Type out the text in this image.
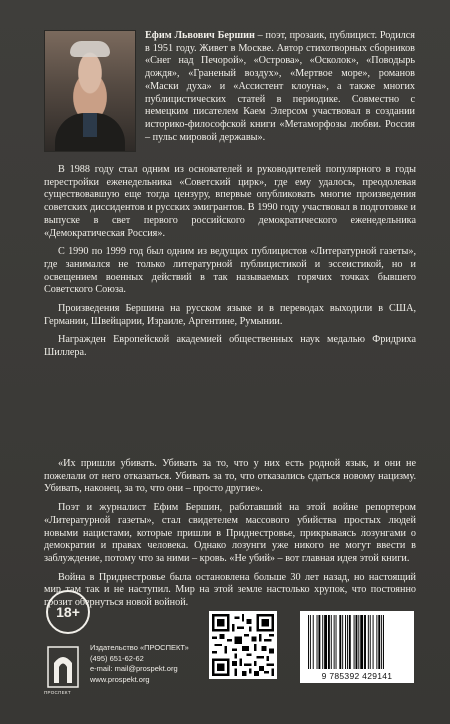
Ефим Львович Бершин – поэт, прозаик, публицист. Родился в 1951 году. Живет в Москве. Автор стихотворных сборников «Снег над Печорой», «Острова», «Осколок», «Поводырь дождя», «Граненый воздух», «Мертвое море», романов «Маски духа» и «Ассистент клоуна», а также многих публицистических статей в периодике. Совместно с немецким писателем Каем Элерсом участвовал в создании историко-философской книги «Метаморфозы любви. Россия – пульс мировой державы».

В 1988 году стал одним из основателей и руководителей популярного в годы перестройки еженедельника «Советский цирк», где ему удалось, преодолевая существовавшую еще тогда цензуру, впервые опубликовать многие произведения советских диссидентов и русских эмигрантов. В 1990 году участвовал в подготовке и выпуске в свет первого российского демократического еженедельника «Демократическая Россия».

С 1990 по 1999 год был одним из ведущих публицистов «Литературной газеты», где занимался не только литературной публицистикой и эссеистикой, но и освещением военных действий в так называемых горячих точках бывшего Советского Союза.

Произведения Бершина на русском языке и в переводах выходили в США, Германии, Швейцарии, Израиле, Аргентине, Румынии.

Награжден Европейской академией общественных наук медалью Фридриха Шиллера.

«Их пришли убивать. Убивать за то, что у них есть родной язык, и они не пожелали от него отказаться. Убивать за то, что отказались сдаться новому нацизму. Убивать, наконец, за то, что они – просто другие».

Поэт и журналист Ефим Бершин, работавший на этой войне репортером «Литературной газеты», стал свидетелем массового убийства простых людей новыми нацистами, которые пришли в Приднестровье, прикрываясь лозунгами о демократии и правах человека. Однако лозунги уже никого не могут ввести в заблуждение, потому что за ними – кровь. «Не убий» – вот главная идея этой книги.

Война в Приднестровье была остановлена больше 30 лет назад, но настоящий мир там так и не наступил. Мир на этой земле настолько хрупок, что постоянно грозит обернуться новой войной.

18+
ПРОСПЕКТ
Издательство «ПРОСПЕКТ»
(495) 651-62-62
e-mail: mail@prospekt.org
www.prospekt.org	9 785392 429141
